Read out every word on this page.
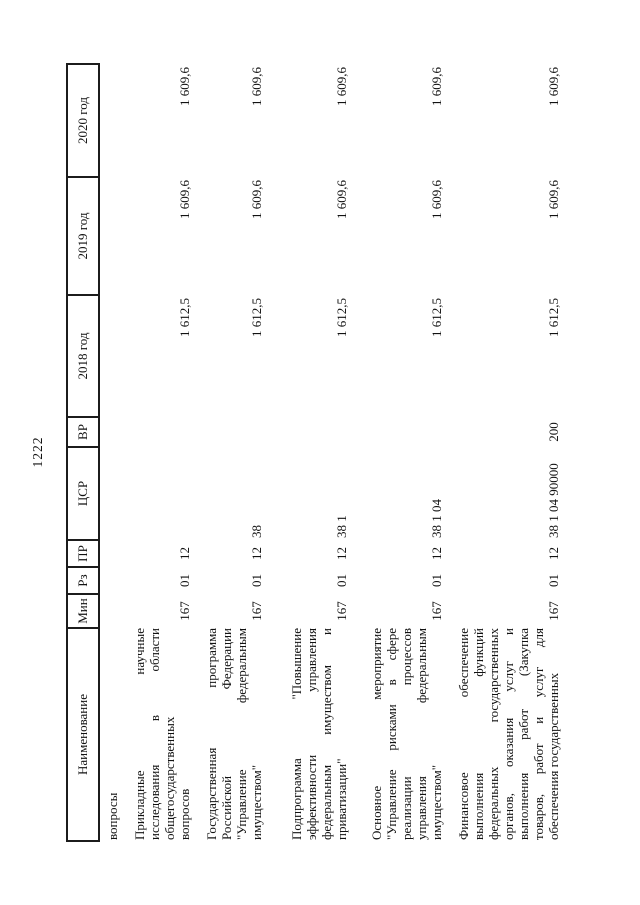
1222
Наименование	Мин	Рз	ПР	ЦСР	ВР	2018 год	2019 год	2020 год

вопросы								

Прикладные научные исследования в области общегосударственных вопросов	167	01	12			1 612,5	1 609,6	1 609,6

Государственная программа Российской Федерации "Управление федеральным имуществом"	167	01	12	38		1 612,5	1 609,6	1 609,6

Подпрограмма "Повышение эффективности управления федеральным имуществом и приватизации"	167	01	12	38 1		1 612,5	1 609,6	1 609,6

Основное мероприятие "Управление рисками в сфере реализации процессов управления федеральным имуществом"	167	01	12	38 1 04		1 612,5	1 609,6	1 609,6

Финансовое обеспечение выполнения функций федеральных государственных органов, оказания услуг и выполнения работ (Закупка товаров, работ и услуг для обеспечения государственных
	167	01	12	38 1 04 90000	200	1 612,5	1 609,6	1 609,6
